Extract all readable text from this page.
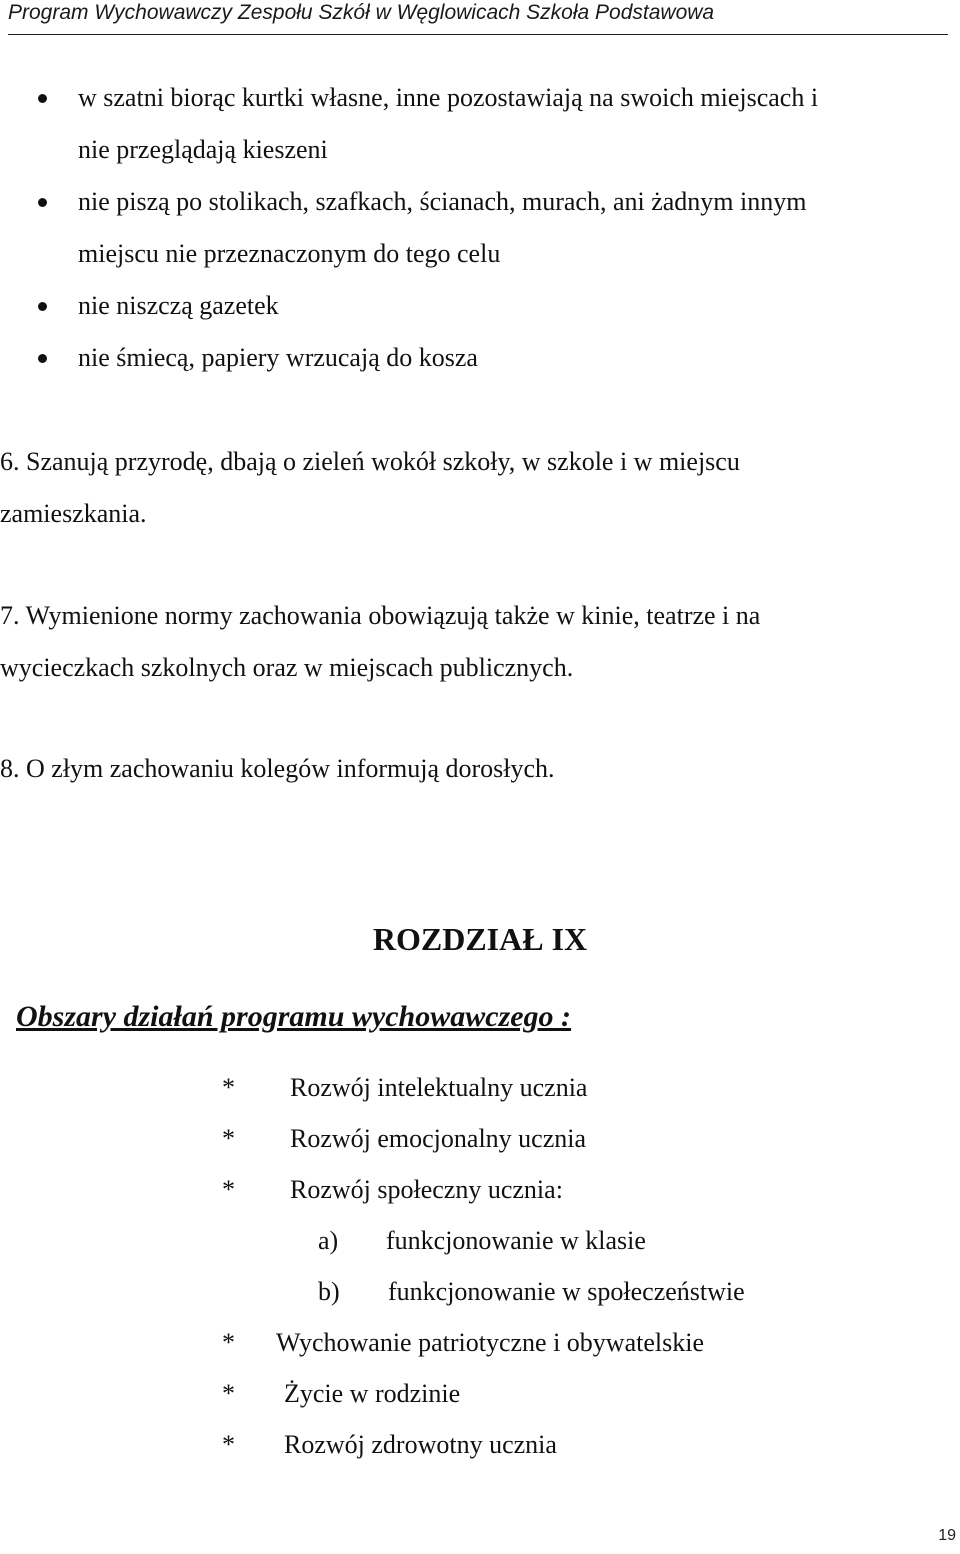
Program Wychowawczy Zespołu Szkół w Węglowicach Szkoła Podstawowa
w szatni biorąc kurtki własne, inne pozostawiają na swoich miejscach i
nie przeglądają kieszeni
nie piszą po stolikach, szafkach, ścianach, murach, ani żadnym innym
miejscu nie przeznaczonym do tego celu
nie niszczą gazetek
nie śmiecą, papiery wrzucają do kosza
6. Szanują przyrodę, dbają o zieleń wokół szkoły, w szkole i w miejscu
zamieszkania.
7. Wymienione normy zachowania obowiązują także w kinie, teatrze i na
wycieczkach szkolnych oraz w miejscach publicznych.
8. O złym zachowaniu kolegów informują dorosłych.
ROZDZIAŁ IX
Obszary działań programu wychowawczego :
* Rozwój intelektualny ucznia
* Rozwój emocjonalny ucznia
* Rozwój społeczny ucznia:
a) funkcjonowanie w klasie
b) funkcjonowanie w społeczeństwie
* Wychowanie patriotyczne i obywatelskie
* Życie w rodzinie
* Rozwój zdrowotny ucznia
19
